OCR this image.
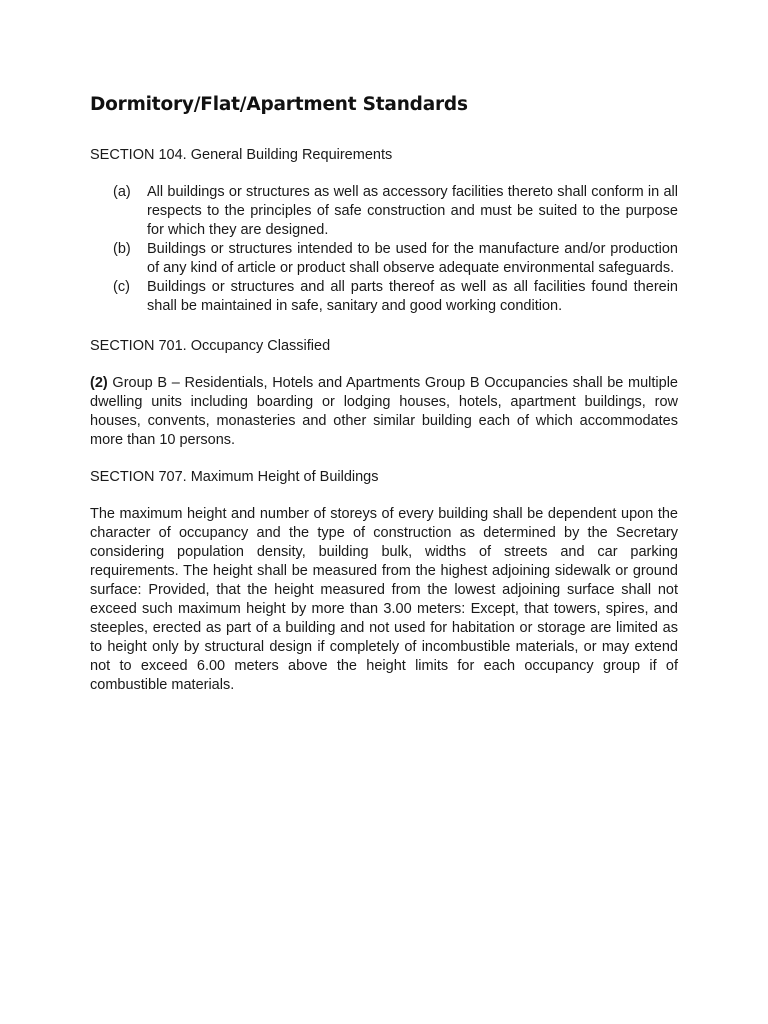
Dormitory/Flat/Apartment Standards

SECTION 104. General Building Requirements

(a)	All buildings or structures as well as accessory facilities thereto shall conform in all respects to the principles of safe construction and must be suited to the purpose for which they are designed.
(b)	Buildings or structures intended to be used for the manufacture and/or production of any kind of article or product shall observe adequate environmental safeguards.
(c)	Buildings or structures and all parts thereof as well as all facilities found therein shall be maintained in safe, sanitary and good working condition.

SECTION 701. Occupancy Classified

(2) Group B – Residentials, Hotels and Apartments Group B Occupancies shall be multiple dwelling units including boarding or lodging houses, hotels, apartment buildings, row houses, convents, monasteries and other similar building each of which accommodates more than 10 persons.

SECTION 707. Maximum Height of Buildings

The maximum height and number of storeys of every building shall be dependent upon the character of occupancy and the type of construction as determined by the Secretary considering population density, building bulk, widths of streets and car parking requirements. The height shall be measured from the highest adjoining sidewalk or ground surface: Provided, that the height measured from the lowest adjoining surface shall not exceed such maximum height by more than 3.00 meters: Except, that towers, spires, and steeples, erected as part of a building and not used for habitation or storage are limited as to height only by structural design if completely of incombustible materials, or may extend not to exceed 6.00 meters above the height limits for each occupancy group if of combustible materials.
